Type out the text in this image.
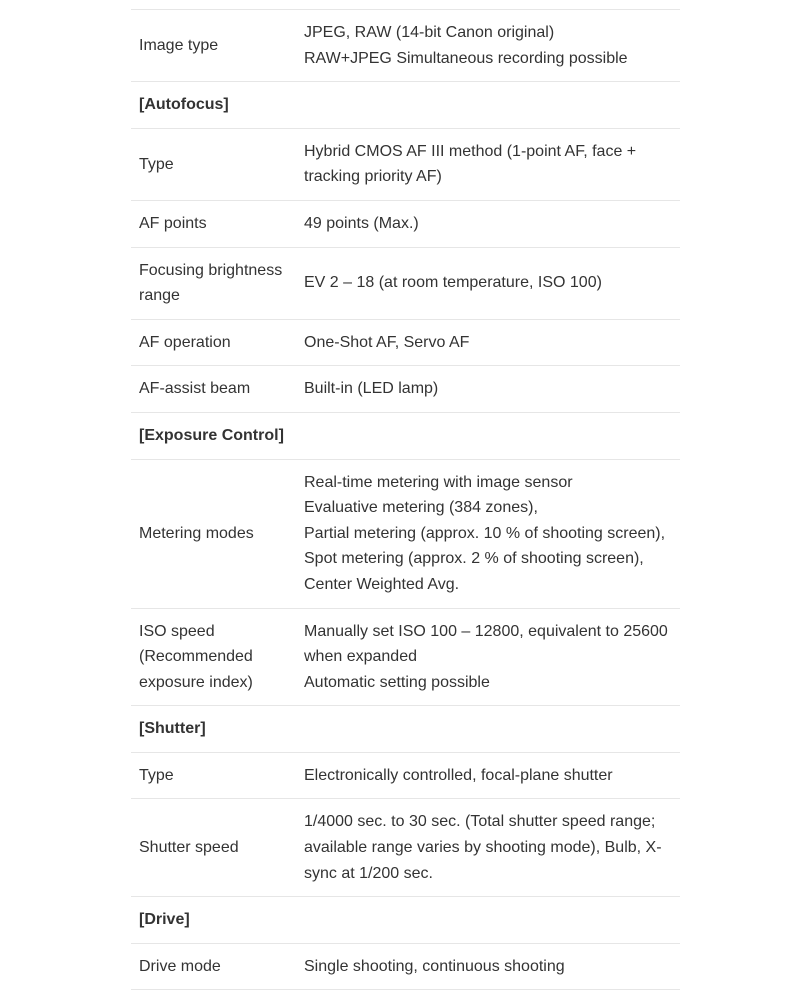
Image type	JPEG, RAW (14-bit Canon original)
RAW+JPEG Simultaneous recording possible

[Autofocus]	
Type	Hybrid CMOS AF III method (1-point AF, face + tracking priority AF)

AF points	49 points (Max.)

Focusing brightness range	EV 2 – 18 (at room temperature, ISO 100)

AF operation	One-Shot AF, Servo AF

AF-assist beam	Built-in (LED lamp)

[Exposure Control]	
Metering modes	Real-time metering with image sensor
Evaluative metering (384 zones),
Partial metering (approx. 10 % of shooting screen),
Spot metering (approx. 2 % of shooting screen),
Center Weighted Avg.

ISO speed (Recommended exposure index)	Manually set ISO 100 – 12800, equivalent to 25600 when expanded
Automatic setting possible

[Shutter]	
Type	Electronically controlled, focal-plane shutter

Shutter speed	1/4000 sec. to 30 sec. (Total shutter speed range; available range varies by shooting mode), Bulb, X-sync at 1/200 sec.

[Drive]	
Drive mode	Single shooting, continuous shooting
